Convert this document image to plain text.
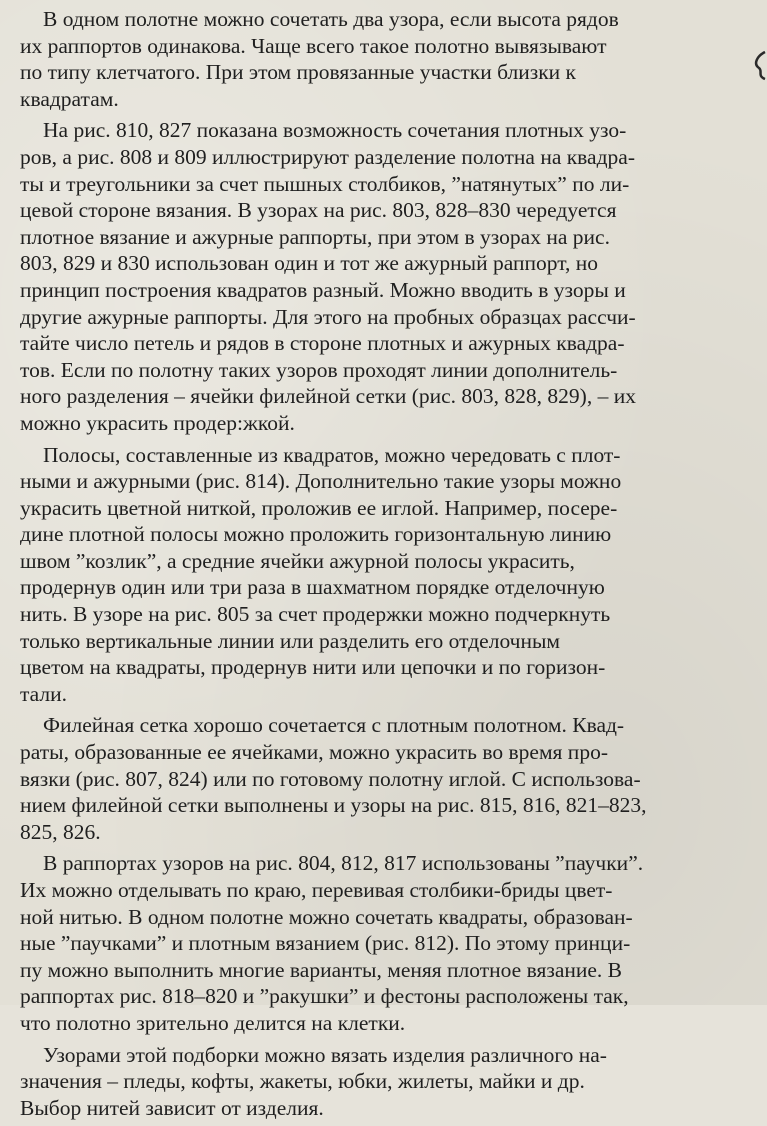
В одном полотне можно сочетать два узора, если высота рядов
их раппортов одинакова. Чаще всего такое полотно вывязывают
по типу клетчатого. При этом провязанные участки близки к
квадратам.

На рис. 810, 827 показана возможность сочетания плотных узо-
ров, а рис. 808 и 809 иллюстрируют разделение полотна на квадра-
ты и треугольники за счет пышных столбиков, ”натянутых” по ли-
цевой стороне вязания. В узорах на рис. 803, 828–830 чередуется
плотное вязание и ажурные раппорты, при этом в узорах на рис.
803, 829 и 830 использован один и тот же ажурный раппорт, но
принцип построения квадратов разный. Можно вводить в узоры и
другие ажурные раппорты. Для этого на пробных образцах рассчи-
тайте число петель и рядов в стороне плотных и ажурных квадра-
тов. Если по полотну таких узоров проходят линии дополнитель-
ного разделения – ячейки филейной сетки (рис. 803, 828, 829), – их
можно украсить продер:жкой.

Полосы, составленные из квадратов, можно чередовать с плот-
ными и ажурными (рис. 814). Дополнительно такие узоры можно
украсить цветной ниткой, проложив ее иглой. Например, посере-
дине плотной полосы можно проложить горизонтальную линию
швом ”козлик”, а средние ячейки ажурной полосы украсить,
продернув один или три раза в шахматном порядке отделочную
нить. В узоре на рис. 805 за счет продержки можно подчеркнуть
только вертикальные линии или разделить его отделочным
цветом на квадраты, продернув нити или цепочки и по горизон-
тали.

Филейная сетка хорошо сочетается с плотным полотном. Квад-
раты, образованные ее ячейками, можно украсить во время про-
вязки (рис. 807, 824) или по готовому полотну иглой. С использова-
нием филейной сетки выполнены и узоры на рис. 815, 816, 821–823,
825, 826.

В раппортах узоров на рис. 804, 812, 817 использованы ”паучки”.
Их можно отделывать по краю, перевивая столбики-бриды цвет-
ной нитью. В одном полотне можно сочетать квадраты, образован-
ные ”паучками” и плотным вязанием (рис. 812). По этому принци-
пу можно выполнить многие варианты, меняя плотное вязание. В
раппортах рис. 818–820 и ”ракушки” и фестоны расположены так,
что полотно зрительно делится на клетки.

Узорами этой подборки можно вязать изделия различного на-
значения – пледы, кофты, жакеты, юбки, жилеты, майки и др.
Выбор нитей зависит от изделия.
